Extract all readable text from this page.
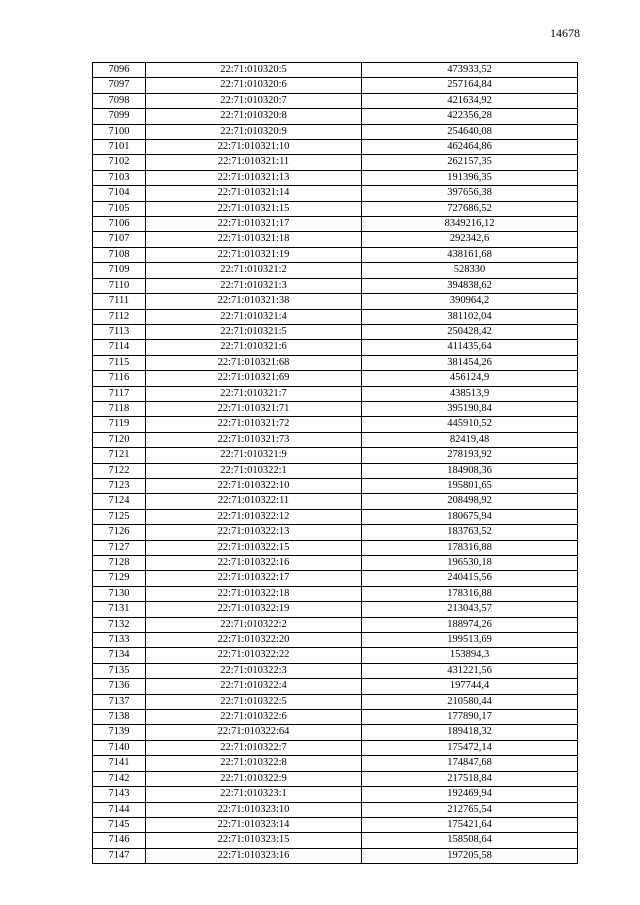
14678
7096	22:71:010320:5	473933,52
7097	22:71:010320:6	257164,84
7098	22:71:010320:7	421634,92
7099	22:71:010320:8	422356,28
7100	22:71:010320:9	254640,08
7101	22:71:010321:10	462464,86
7102	22:71:010321:11	262157,35
7103	22:71:010321:13	191396,35
7104	22:71:010321:14	397656,38
7105	22:71:010321:15	727686,52
7106	22:71:010321:17	8349216,12
7107	22:71:010321:18	292342,6
7108	22:71:010321:19	438161,68
7109	22:71:010321:2	528330
7110	22:71:010321:3	394838,62
7111	22:71:010321:38	390964,2
7112	22:71:010321:4	381102,04
7113	22:71:010321:5	250428,42
7114	22:71:010321:6	411435,64
7115	22:71:010321:68	381454,26
7116	22:71:010321:69	456124,9
7117	22:71:010321:7	438513,9
7118	22:71:010321:71	395190,84
7119	22:71:010321:72	445910,52
7120	22:71:010321:73	82419,48
7121	22:71:010321:9	278193,92
7122	22:71:010322:1	184908,36
7123	22:71:010322:10	195801,65
7124	22:71:010322:11	208498,92
7125	22:71:010322:12	180675,94
7126	22:71:010322:13	183763,52
7127	22:71:010322:15	178316,88
7128	22:71:010322:16	196530,18
7129	22:71:010322:17	240415,56
7130	22:71:010322:18	178316,88
7131	22:71:010322:19	213043,57
7132	22:71:010322:2	188974,26
7133	22:71:010322:20	199513,69
7134	22:71:010322:22	153894,3
7135	22:71:010322:3	431221,56
7136	22:71:010322:4	197744,4
7137	22:71:010322:5	210580,44
7138	22:71:010322:6	177890,17
7139	22:71:010322:64	189418,32
7140	22:71:010322:7	175472,14
7141	22:71:010322:8	174847,68
7142	22:71:010322:9	217518,84
7143	22:71:010323:1	192469,94
7144	22:71:010323:10	212765,54
7145	22:71:010323:14	175421,64
7146	22:71:010323:15	158508,64
7147	22:71:010323:16	197205,58
